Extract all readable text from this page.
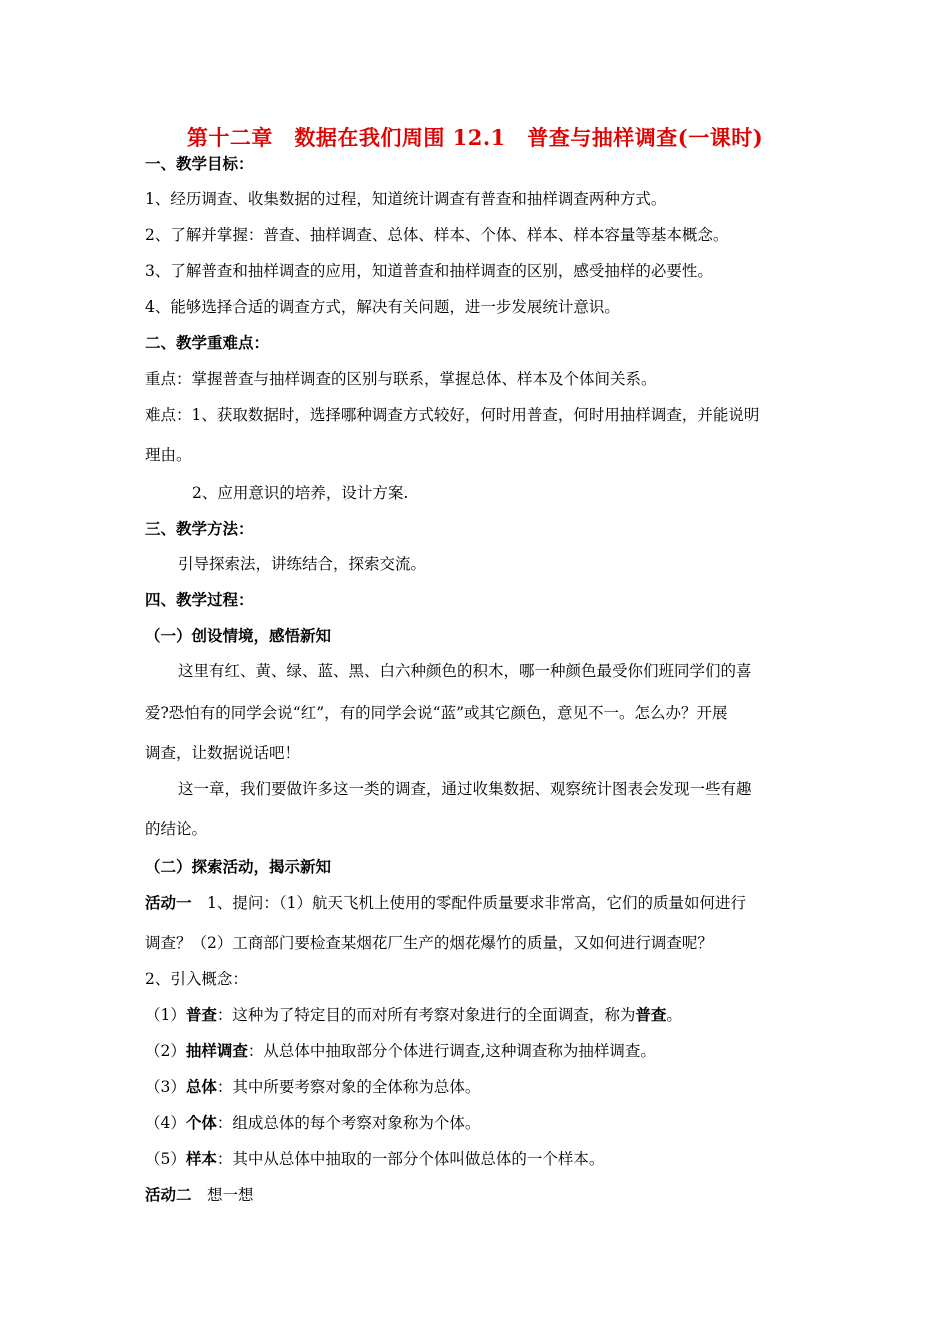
第十二章　数据在我们周围 12.1　普查与抽样调查(一课时)
一、教学目标：
1、经历调查、收集数据的过程，知道统计调查有普查和抽样调查两种方式。
2、了解并掌握：普查、抽样调查、总体、样本、个体、样本、样本容量等基本概念。
3、了解普查和抽样调查的应用，知道普查和抽样调查的区别，感受抽样的必要性。
4、能够选择合适的调查方式，解决有关问题，进一步发展统计意识。
二、教学重难点：
重点：掌握普查与抽样调查的区别与联系，掌握总体、样本及个体间关系。
难点：1、获取数据时，选择哪种调查方式较好，何时用普查，何时用抽样调查，并能说明
理由。
2、应用意识的培养，设计方案.
三、教学方法：
引导探索法，讲练结合，探索交流。
四、教学过程：
（一）创设情境，感悟新知
这里有红、黄、绿、蓝、黑、白六种颜色的积木，哪一种颜色最受你们班同学们的喜
爱?恐怕有的同学会说“红”，有的同学会说“蓝”或其它颜色，意见不一。怎么办？开展
调查，让数据说话吧！
这一章，我们要做许多这一类的调查，通过收集数据、观察统计图表会发现一些有趣
的结论。
（二）探索活动，揭示新知
活动一　1、提问：（1）航天飞机上使用的零配件质量要求非常高，它们的质量如何进行
调查？（2）工商部门要检查某烟花厂生产的烟花爆竹的质量，又如何进行调查呢？
2、引入概念：
（1）普查：这种为了特定目的而对所有考察对象进行的全面调查，称为普查。
（2）抽样调查：从总体中抽取部分个体进行调查,这种调查称为抽样调查。
（3）总体：其中所要考察对象的全体称为总体。
（4）个体：组成总体的每个考察对象称为个体。
（5）样本：其中从总体中抽取的一部分个体叫做总体的一个样本。
活动二　想一想
